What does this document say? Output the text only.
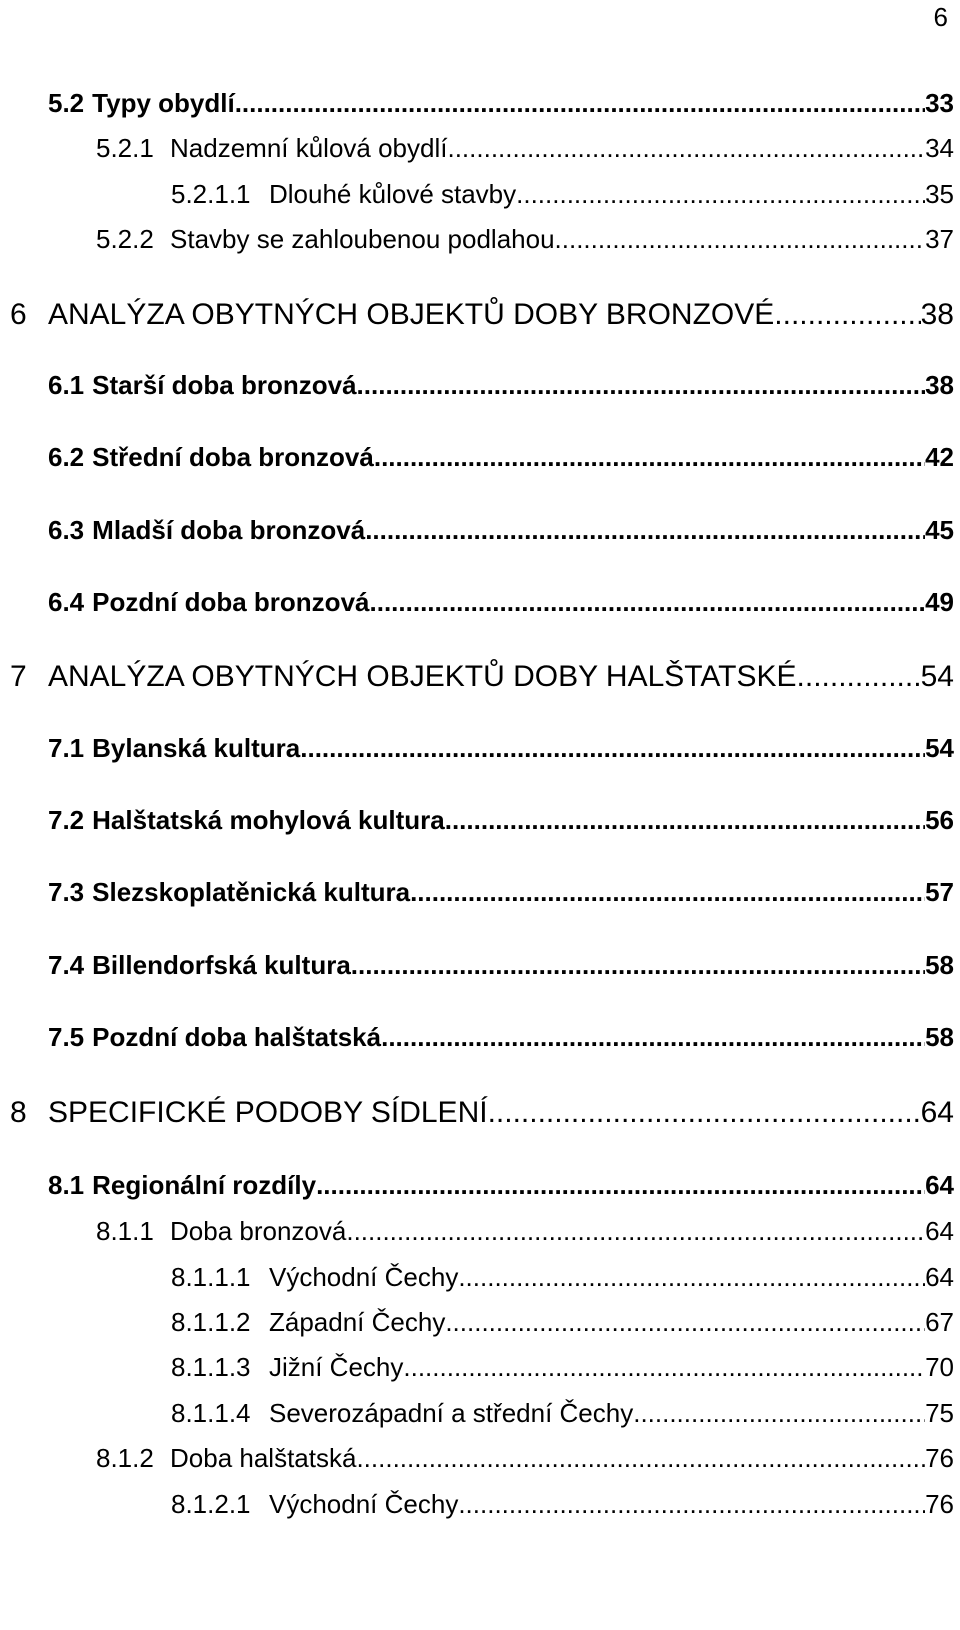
6
5.2 Typy obydlí .....	33
5.2.1 Nadzemní kůlová obydlí .....	34
5.2.1.1 Dlouhé kůlové stavby .....	35
5.2.2 Stavby se zahloubenou podlahou .....	37
6 ANALÝZA OBYTNÝCH OBJEKTŮ DOBY BRONZOVÉ .....	38
6.1 Starší doba bronzová .....	38
6.2 Střední doba bronzová .....	42
6.3 Mladší doba bronzová .....	45
6.4 Pozdní doba bronzová .....	49
7 ANALÝZA OBYTNÝCH OBJEKTŮ DOBY HALŠTATSKÉ .....	54
7.1 Bylanská kultura .....	54
7.2 Halštatská mohylová kultura .....	56
7.3 Slezskoplatěnická kultura .....	57
7.4 Billendorfská kultura .....	58
7.5 Pozdní doba halštatská .....	58
8 SPECIFICKÉ PODOBY SÍDLENÍ .....	64
8.1 Regionální rozdíly .....	64
8.1.1 Doba bronzová .....	64
8.1.1.1 Východní Čechy .....	64
8.1.1.2 Západní Čechy .....	67
8.1.1.3 Jižní Čechy .....	70
8.1.1.4 Severozápadní a střední Čechy .....	75
8.1.2 Doba halštatská .....	76
8.1.2.1 Východní Čechy .....	76
